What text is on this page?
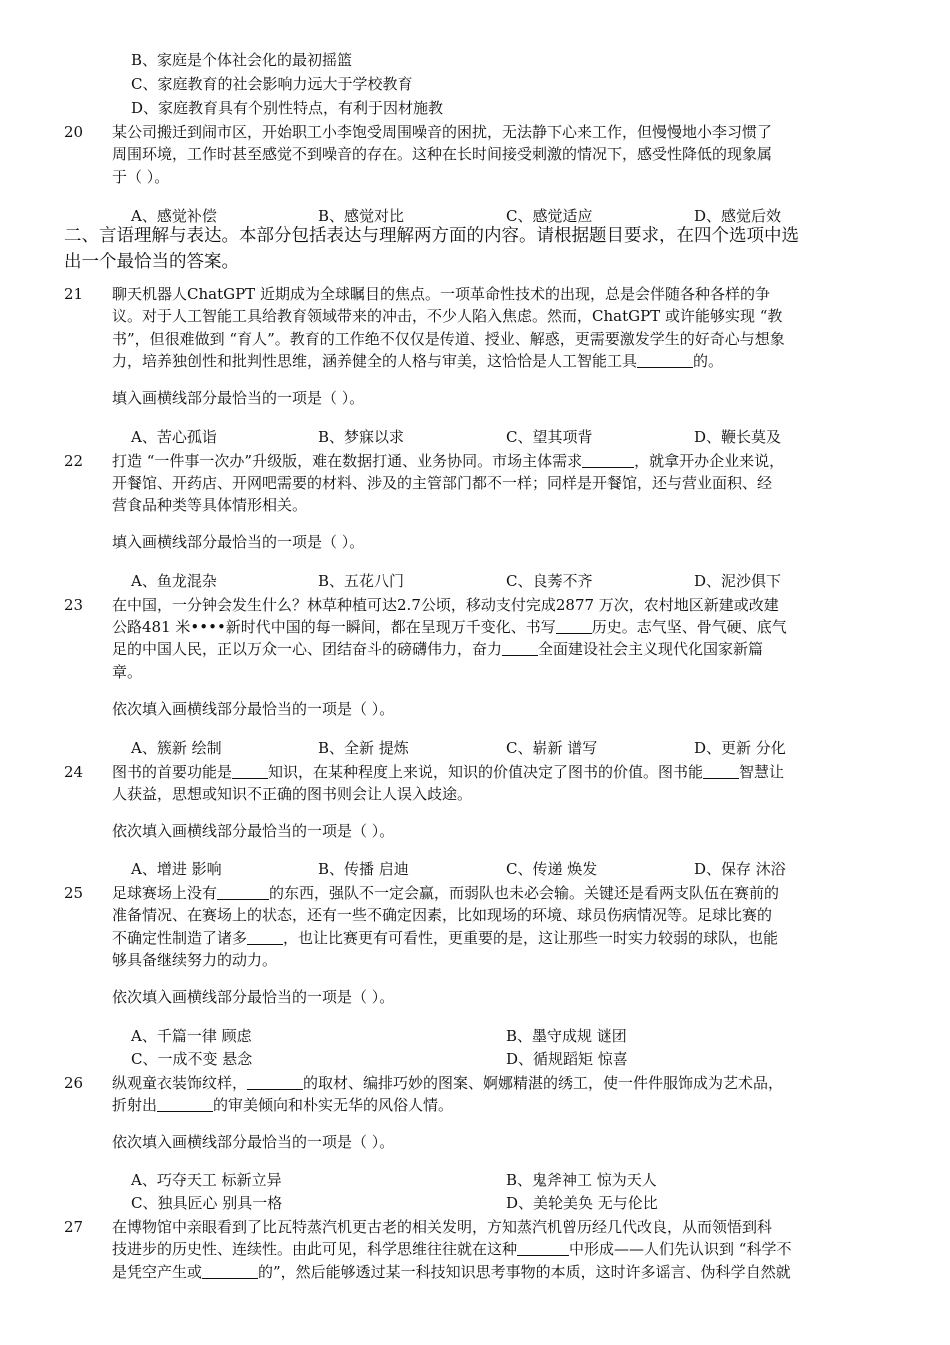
B、家庭是个体社会化的最初摇篮
C、家庭教育的社会影响力远大于学校教育
D、家庭教育具有个别性特点，有利于因材施教
20 某公司搬迁到闹市区，开始职工小李饱受周围噪音的困扰，无法静下心来工作，但慢慢地小李习惯了
周围环境，工作时甚至感觉不到噪音的存在。这种在长时间接受刺激的情况下，感受性降低的现象属
于（ ）。
A、感觉补偿	B、感觉对比	C、感觉适应	D、感觉后效
二、言语理解与表达。本部分包括表达与理解两方面的内容。请根据题目要求，在四个选项中选
出一个最恰当的答案。
21 聊天机器人ChatGPT 近期成为全球瞩目的焦点。一项革命性技术的出现，总是会伴随各种各样的争
议。对于人工智能工具给教育领域带来的冲击，不少人陷入焦虑。然而，ChatGPT 或许能够实现 “教
书”，但很难做到 “育人”。教育的工作绝不仅仅是传道、授业、解惑，更需要激发学生的好奇心与想象
力，培养独创性和批判性思维，涵养健全的人格与审美，这恰恰是人工智能工具	的。
填入画横线部分最恰当的一项是（ ）。
A、苦心孤诣	B、梦寐以求	C、望其项背	D、鞭长莫及
22 打造 “一件事一次办”升级版，难在数据打通、业务协同。市场主体需求	，就拿开办企业来说，
开餐馆、开药店、开网吧需要的材料、涉及的主管部门都不一样；同样是开餐馆，还与营业面积、经
营食品种类等具体情形相关。
填入画横线部分最恰当的一项是（ ）。
A、鱼龙混杂	B、五花八门	C、良莠不齐	D、泥沙俱下
23 在中国，一分钟会发生什么？林草种植可达2.7公顷，移动支付完成2877 万次，农村地区新建或改建
公路481 米••••新时代中国的每一瞬间，都在呈现万千变化、书写 历史。志气坚、骨气硬、底气
足的中国人民，正以万众一心、团结奋斗的磅礴伟力，奋力 全面建设社会主义现代化国家新篇
章。
依次填入画横线部分最恰当的一项是（ ）。
A、簇新 绘制	B、全新 提炼	C、崭新 谱写	D、更新 分化
24 图书的首要功能是 知识，在某种程度上来说，知识的价值决定了图书的价值。图书能 智慧让
人获益，思想或知识不正确的图书则会让人误入歧途。
依次填入画横线部分最恰当的一项是（ ）。
A、增进 影响	B、传播 启迪	C、传递 焕发	D、保存 沐浴
25 足球赛场上没有	的东西，强队不一定会赢，而弱队也未必会输。关键还是看两支队伍在赛前的
准备情况、在赛场上的状态，还有一些不确定因素，比如现场的环境、球员伤病情况等。足球比赛的
不确定性制造了诸多 ，也让比赛更有可看性，更重要的是，这让那些一时实力较弱的球队，也能
够具备继续努力的动力。
依次填入画横线部分最恰当的一项是（ ）。
A、千篇一律 顾虑	B、墨守成规 谜团
C、一成不变 悬念	D、循规蹈矩 惊喜
26 纵观童衣装饰纹样，	的取材、编排巧妙的图案、婀娜精湛的绣工，使一件件服饰成为艺术品，
折射出	的审美倾向和朴实无华的风俗人情。
依次填入画横线部分最恰当的一项是（ ）。
A、巧夺天工 标新立异	B、鬼斧神工 惊为天人
C、独具匠心 别具一格	D、美轮美奂 无与伦比
27 在博物馆中亲眼看到了比瓦特蒸汽机更古老的相关发明，方知蒸汽机曾历经几代改良，从而领悟到科
技进步的历史性、连续性。由此可见，科学思维往往就在这种	中形成——人们先认识到 “科学不
是凭空产生或	的”，然后能够透过某一科技知识思考事物的本质，这时许多谣言、伪科学自然就
